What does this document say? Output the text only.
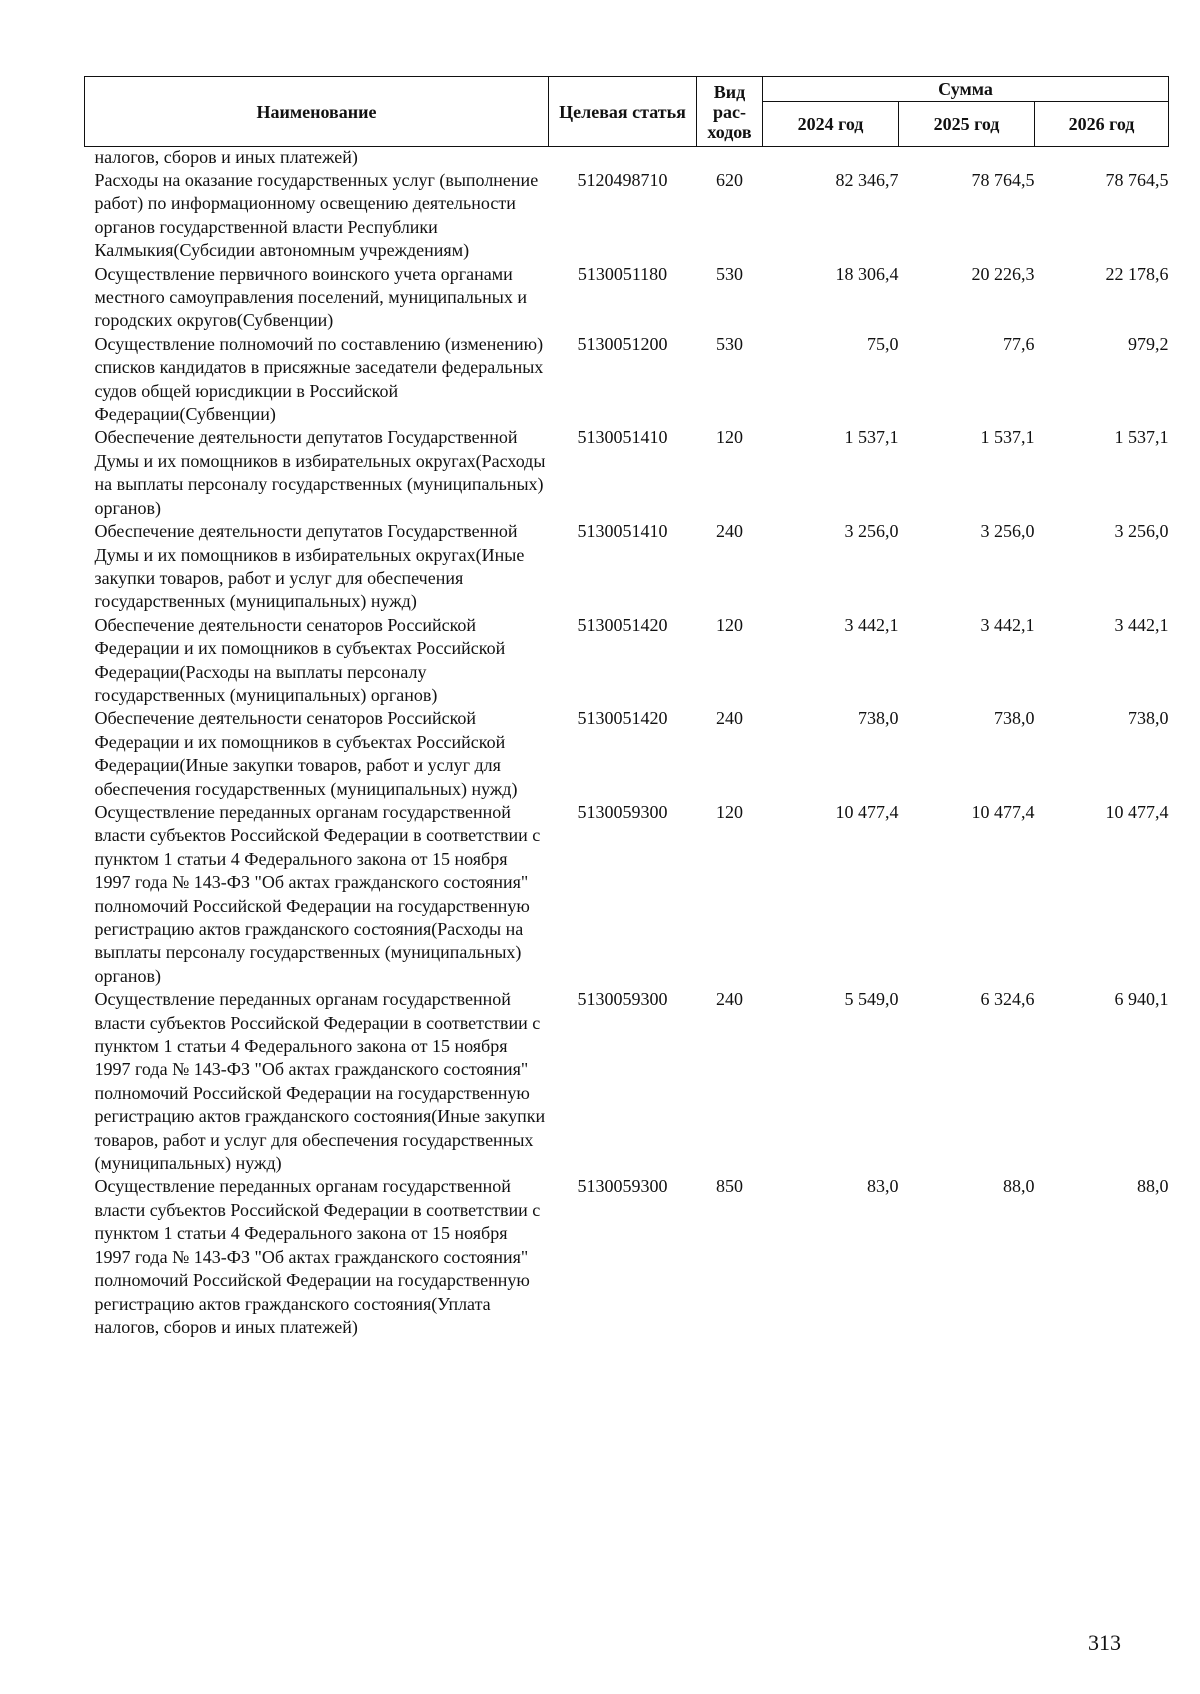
Наименование	Целевая статья	Вид рас-ходов	Сумма		
			2024 год	2025 год	2026 год
налогов, сборов и иных платежей)					
Расходы на оказание государственных услуг (выполнение работ) по информационному освещению деятельности органов государственной власти Республики Калмыкия(Субсидии автономным учреждениям)	5120498710	620	82 346,7	78 764,5	78 764,5
Осуществление первичного воинского учета органами местного самоуправления поселений, муниципальных и городских округов(Субвенции)	5130051180	530	18 306,4	20 226,3	22 178,6
Осуществление полномочий по составлению (изменению) списков кандидатов в присяжные заседатели федеральных судов общей юрисдикции в Российской Федерации(Субвенции)	5130051200	530	75,0	77,6	979,2
Обеспечение деятельности депутатов Государственной Думы и их помощников в избирательных округах(Расходы на выплаты персоналу государственных (муниципальных) органов)	5130051410	120	1 537,1	1 537,1	1 537,1
Обеспечение деятельности депутатов Государственной Думы и их помощников в избирательных округах(Иные закупки товаров, работ и услуг для обеспечения государственных (муниципальных) нужд)	5130051410	240	3 256,0	3 256,0	3 256,0
Обеспечение деятельности сенаторов Российской Федерации и их помощников в субъектах Российской Федерации(Расходы на выплаты персоналу государственных (муниципальных) органов)	5130051420	120	3 442,1	3 442,1	3 442,1
Обеспечение деятельности сенаторов Российской Федерации и их помощников в субъектах Российской Федерации(Иные закупки товаров, работ и услуг для обеспечения государственных (муниципальных) нужд)	5130051420	240	738,0	738,0	738,0
Осуществление переданных органам государственной власти субъектов Российской Федерации в соответствии с пунктом 1 статьи 4 Федерального закона от 15 ноября 1997 года № 143-ФЗ "Об актах гражданского состояния" полномочий Российской Федерации на государственную регистрацию актов гражданского состояния(Расходы на выплаты персоналу государственных (муниципальных) органов)	5130059300	120	10 477,4	10 477,4	10 477,4
Осуществление переданных органам государственной власти субъектов Российской Федерации в соответствии с пунктом 1 статьи 4 Федерального закона от 15 ноября 1997 года № 143-ФЗ "Об актах гражданского состояния" полномочий Российской Федерации на государственную регистрацию актов гражданского состояния(Иные закупки товаров, работ и услуг для обеспечения государственных (муниципальных) нужд)	5130059300	240	5 549,0	6 324,6	6 940,1
Осуществление переданных органам государственной власти субъектов Российской Федерации в соответствии с пунктом 1 статьи 4 Федерального закона от 15 ноября 1997 года № 143-ФЗ "Об актах гражданского состояния" полномочий Российской Федерации на государственную регистрацию актов гражданского состояния(Уплата налогов, сборов и иных платежей)	5130059300	850	83,0	88,0	88,0
313
